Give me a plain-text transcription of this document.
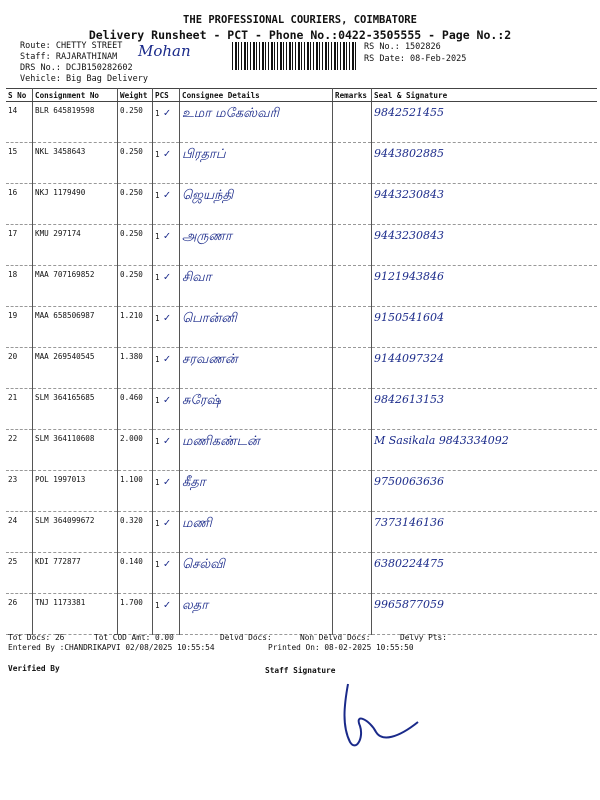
THE PROFESSIONAL COURIERS, COIMBATORE
Delivery Runsheet - PCT - Phone No.:0422-3505555 - Page No.:2
Route: CHETTY STREET
Staff: RAJARATHINAM Mohan
DRS No.: DCJB150282602
Vehicle: Big Bag Delivery
RS No.: 1502826
RS Date: 08-Feb-2025
S No	Consignment No	Weight	PCS	Consignee Details	Remarks	Seal & Signature
14	BLR 645819598	0.250	1 ✓	உமா மகேஸ்வரி		9842521455
15	NKL 3458643	0.250	1 ✓	பிரதாப்		9443802885
16	NKJ 1179490	0.250	1 ✓	ஜெயந்தி		9443230843
17	KMU 297174	0.250	1 ✓	அருணா		9443230843
18	MAA 707169852	0.250	1 ✓	சிவா		9121943846
19	MAA 658506987	1.210	1 ✓	பொன்னி		9150541604
20	MAA 269540545	1.380	1 ✓	சரவணன்		9144097324
21	SLM 364165685	0.460	1 ✓	சுரேஷ்		9842613153
22	SLM 364110608	2.000	1 ✓	மணிகண்டன்		M Sasikala 9843334092
23	POL 1997013	1.100	1 ✓	கீதா		9750063636
24	SLM 364099672	0.320	1 ✓	மணி		7373146136
25	KDI 772877	0.140	1 ✓	செல்வி		6380224475
26	TNJ 1173381	1.700	1 ✓	லதா		9965877059
Tot Docs: 26	Tot COD Amt: 0.00	Delvd Docs:	Non Delvd Docs:	Delvy Pts:
Entered By :CHANDRIKAPVI 02/08/2025 10:55:54	Printed On: 08-02-2025 10:55:50
Verified By	Staff Signature
